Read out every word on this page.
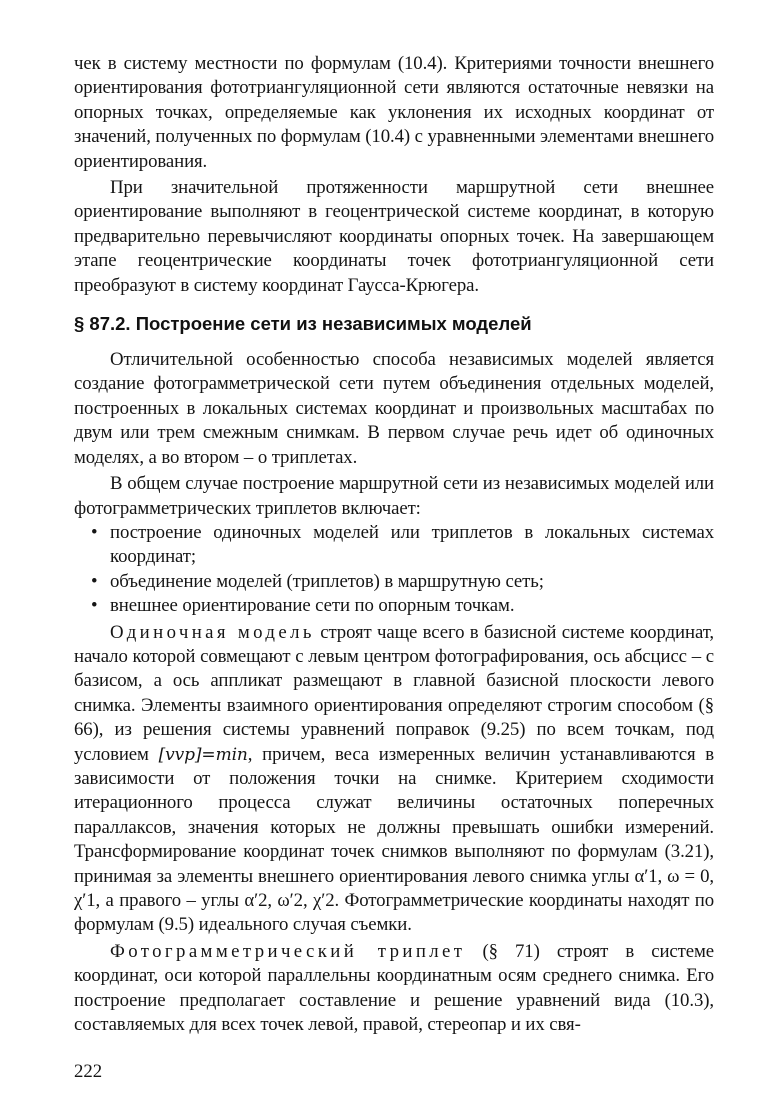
чек в систему местности по формулам (10.4). Критериями точности внешнего ориентирования фототриангуляционной сети являются остаточные невязки на опорных точках, определяемые как уклонения их исходных координат от значений, полученных по формулам (10.4) с уравненными элементами внешнего ориентирования.

При значительной протяженности маршрутной сети внешнее ориентирование выполняют в геоцентрической системе координат, в которую предварительно перевычисляют координаты опорных точек. На завершающем этапе геоцентрические координаты точек фототриангуляционной сети преобразуют в систему координат Гаусса-Крюгера.

§ 87.2. Построение сети из независимых моделей

Отличительной особенностью способа независимых моделей является создание фотограмметрической сети путем объединения отдельных моделей, построенных в локальных системах координат и произвольных масштабах по двум или трем смежным снимкам. В первом случае речь идет об одиночных моделях, а во втором – о триплетах.

В общем случае построение маршрутной сети из независимых моделей или фотограмметрических триплетов включает:

• построение одиночных моделей или триплетов в локальных системах координат;
• объединение моделей (триплетов) в маршрутную сеть;
• внешнее ориентирование сети по опорным точкам.

Одиночная модель строят чаще всего в базисной системе координат, начало которой совмещают с левым центром фотографирования, ось абсцисс – с базисом, а ось аппликат размещают в главной базисной плоскости левого снимка. Элементы взаимного ориентирования определяют строгим способом (§ 66), из решения системы уравнений поправок (9.25) по всем точкам, под условием [vvp]=min, причем, веса измеренных величин устанавливаются в зависимости от положения точки на снимке. Критерием сходимости итерационного процесса служат величины остаточных поперечных параллаксов, значения которых не должны превышать ошибки измерений. Трансформирование координат точек снимков выполняют по формулам (3.21), принимая за элементы внешнего ориентирования левого снимка углы α′1, ω = 0, χ′1, а правого – углы α′2, ω′2, χ′2. Фотограмметрические координаты находят по формулам (9.5) идеального случая съемки.

Фотограмметрический триплет (§ 71) строят в системе координат, оси которой параллельны координатным осям среднего снимка. Его построение предполагает составление и решение уравнений вида (10.3), составляемых для всех точек левой, правой, стереопар и их свя-

222
